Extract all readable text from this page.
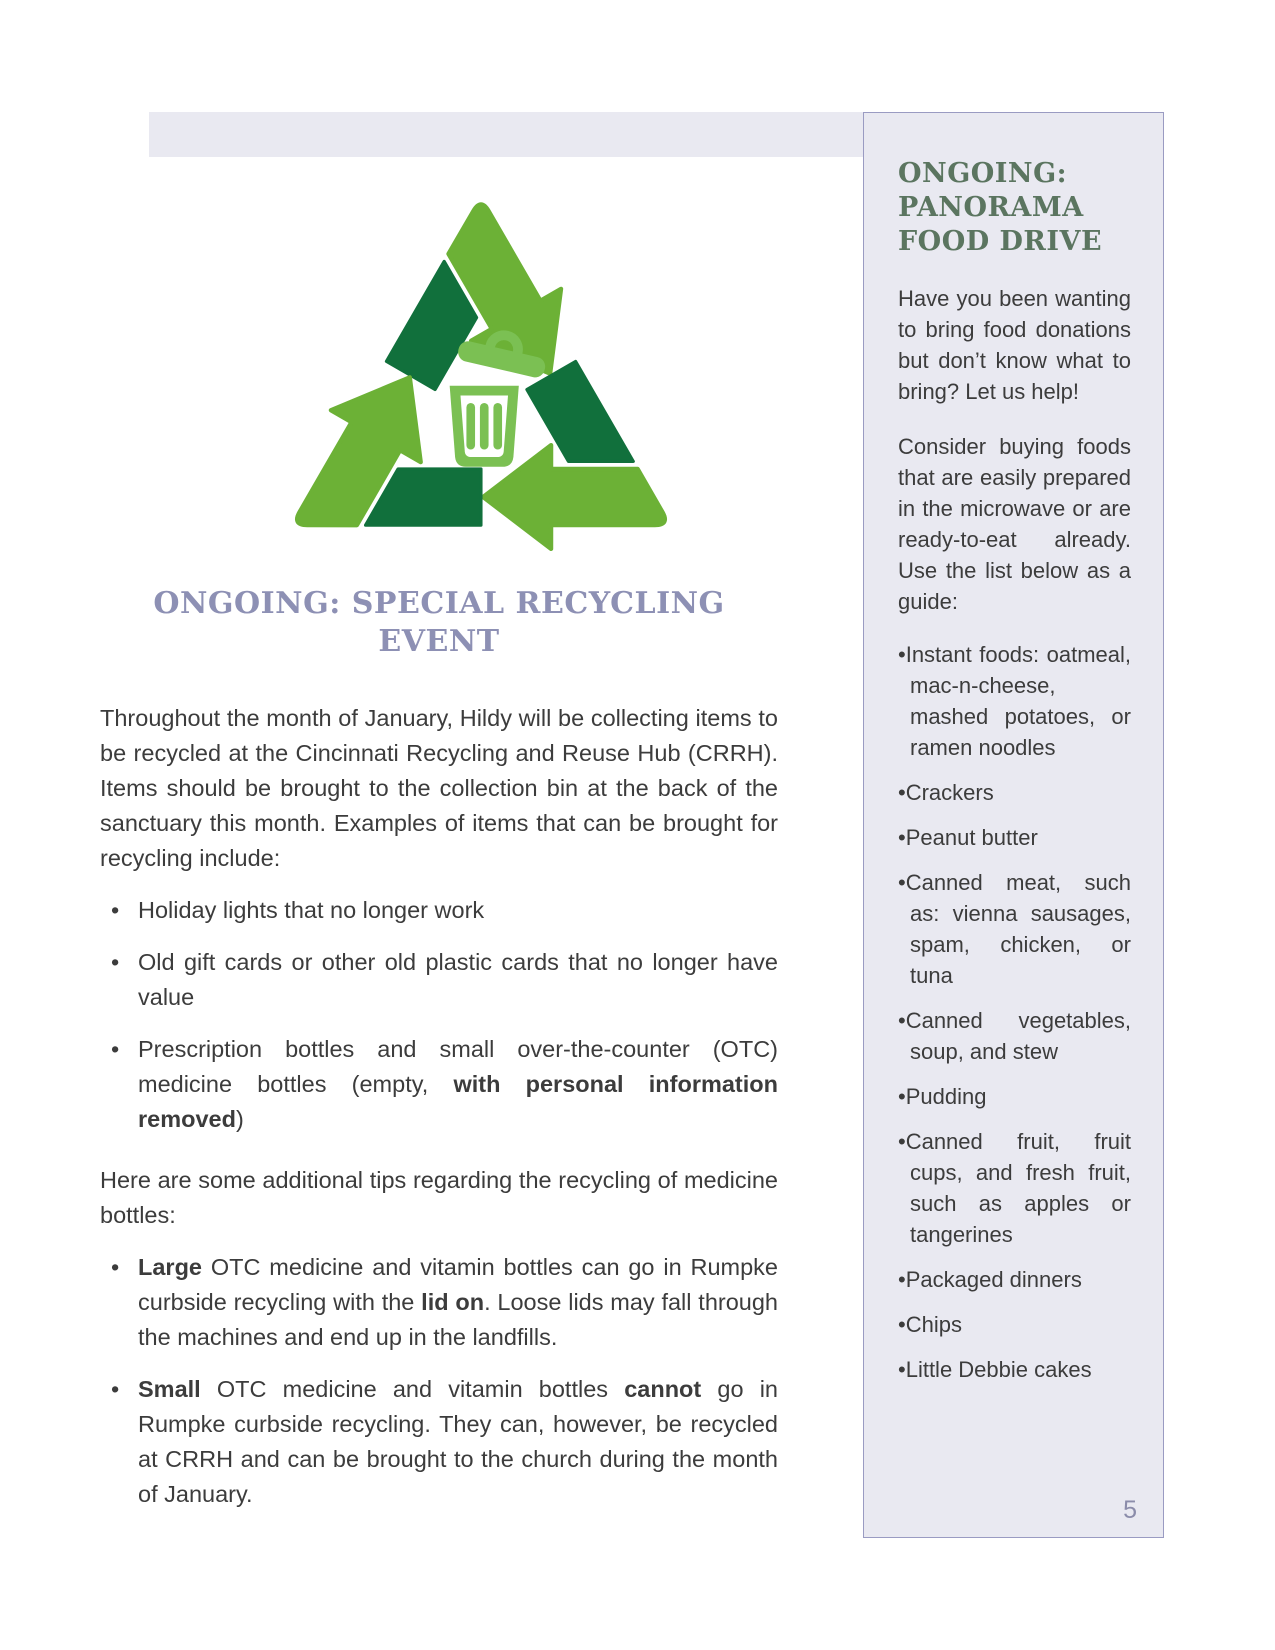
ONGOING: SPECIAL RECYCLING EVENT

Throughout the month of January, Hildy will be collecting items to be recycled at the Cincinnati Recycling and Reuse Hub (CRRH). Items should be brought to the collection bin at the back of the sanctuary this month. Examples of items that can be brought for recycling include:

• Holiday lights that no longer work
• Old gift cards or other old plastic cards that no longer have value
• Prescription bottles and small over-the-counter (OTC) medicine bottles (empty, with personal information removed)

Here are some additional tips regarding the recycling of medicine bottles:

• Large OTC medicine and vitamin bottles can go in Rumpke curbside recycling with the lid on. Loose lids may fall through the machines and end up in the landfills.
• Small OTC medicine and vitamin bottles cannot go in Rumpke curbside recycling. They can, however, be recycled at CRRH and can be brought to the church during the month of January.
ONGOING: PANORAMA FOOD DRIVE

Have you been wanting to bring food donations but don’t know what to bring? Let us help!

Consider buying foods that are easily prepared in the microwave or are ready-to-eat already. Use the list below as a guide:

• Instant foods: oatmeal, mac-n-cheese, mashed potatoes, or ramen noodles
• Crackers
• Peanut butter
• Canned meat, such as: vienna sausages, spam, chicken, or tuna
• Canned vegetables, soup, and stew
• Pudding
• Canned fruit, fruit cups, and fresh fruit, such as apples or tangerines
• Packaged dinners
• Chips
• Little Debbie cakes
5
